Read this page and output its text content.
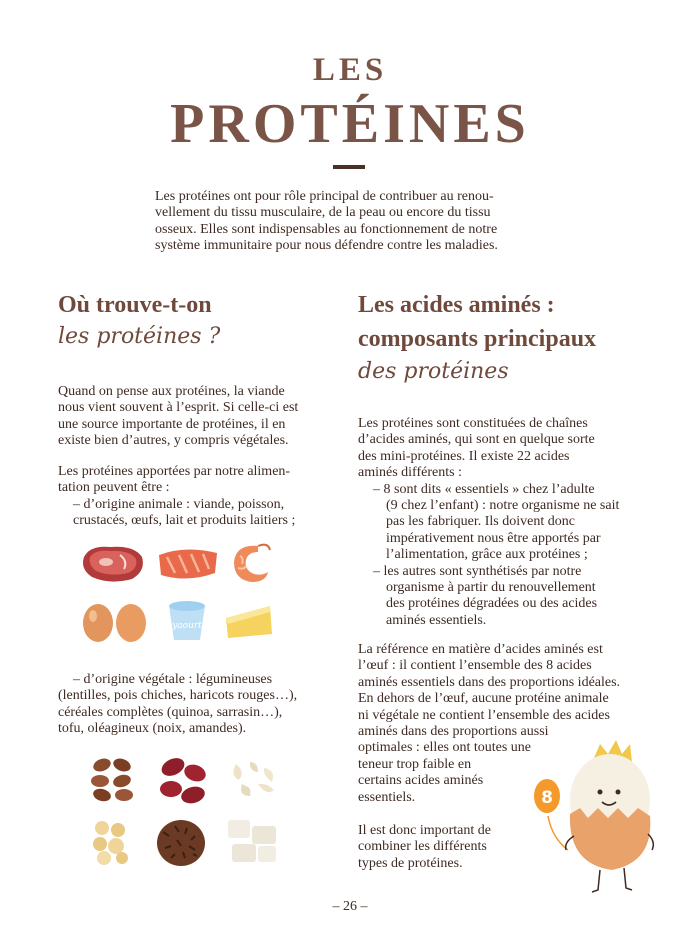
LES
PROTÉINES
Les protéines ont pour rôle principal de contribuer au renou-
vellement du tissu musculaire, de la peau ou encore du tissu
osseux. Elles sont indispensables au fonctionnement de notre
système immunitaire pour nous défendre contre les maladies.
Où trouve-t-on
les protéines ?
Quand on pense aux protéines, la viande
nous vient souvent à l’esprit. Si celle-ci est
une source importante de protéines, il en
existe bien d’autres, y compris végétales.
Les protéines apportées par notre alimen-
tation peuvent être :
– d’origine animale : viande, poisson,
crustacés, œufs, lait et produits laitiers ;
yaourt
– d’origine végétale : légumineuses
(lentilles, pois chiches, haricots rouges…),
céréales complètes (quinoa, sarrasin…),
tofu, oléagineux (noix, amandes).
Les acides aminés :
composants principaux
des protéines
Les protéines sont constituées de chaînes
d’acides aminés, qui sont en quelque sorte
des mini-protéines. Il existe 22 acides
aminés différents :
– 8 sont dits « essentiels » chez l’adulte
(9 chez l’enfant) : notre organisme ne sait
pas les fabriquer. Ils doivent donc
impérativement nous être apportés par
l’alimentation, grâce aux protéines ;
– les autres sont synthétisés par notre
organisme à partir du renouvellement
des protéines dégradées ou des acides
aminés essentiels.
La référence en matière d’acides aminés est
l’œuf : il contient l’ensemble des 8 acides
aminés essentiels dans des proportions idéales.
En dehors de l’œuf, aucune protéine animale
ni végétale ne contient l’ensemble des acides
aminés dans des proportions aussi
optimales : elles ont toutes une
teneur trop faible en
certains acides aminés
essentiels.
Il est donc important de
combiner les différents
types de protéines.
8
– 26 –
